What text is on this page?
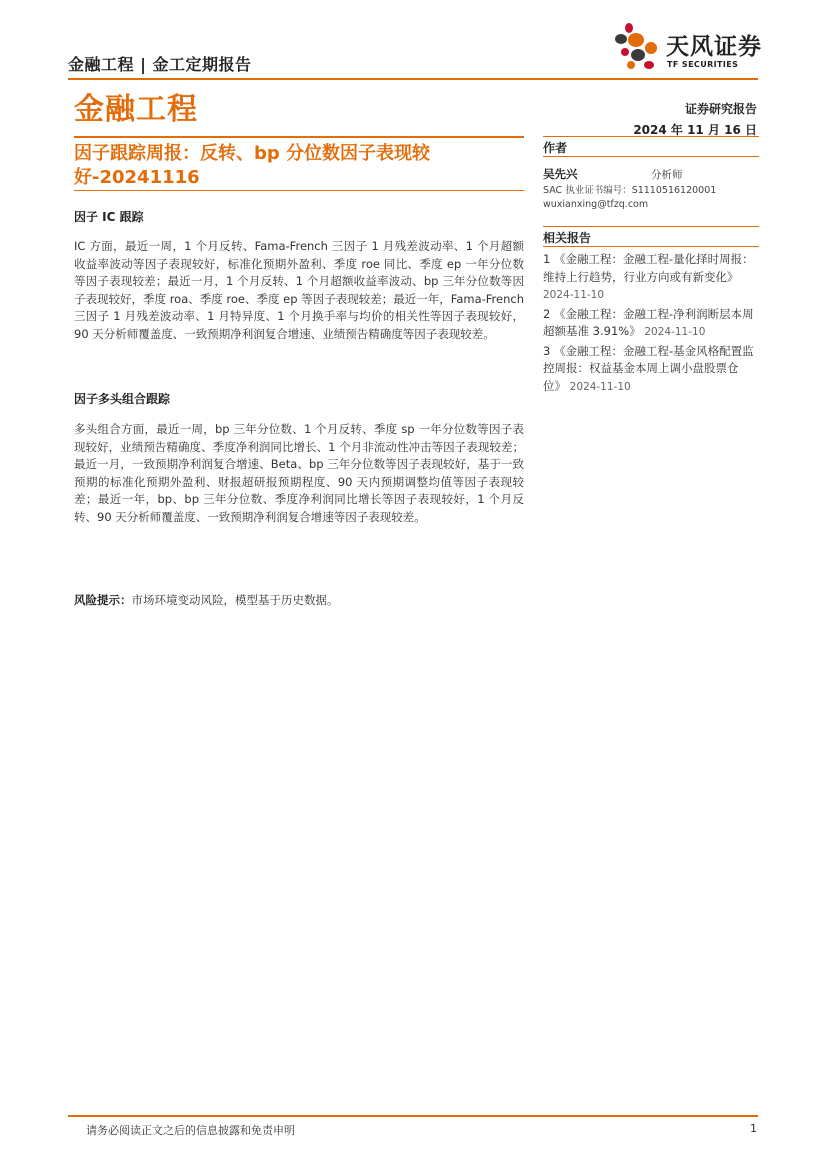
金融工程 | 金工定期报告
天风证券
TF SECURITIES
金融工程	证券研究报告
2024 年 11 月 16 日
因子跟踪周报：反转、bp 分位数因子表现较好-20241116
因子 IC 跟踪
IC 方面，最近一周，1 个月反转、Fama-French 三因子 1 月残差波动率、1 个月超额收益率波动等因子表现较好，标准化预期外盈利、季度 roe 同比、季度 ep 一年分位数等因子表现较差；最近一月，1 个月反转、1 个月超额收益率波动、bp 三年分位数等因子表现较好，季度 roa、季度 roe、季度 ep 等因子表现较差；最近一年，Fama-French 三因子 1 月残差波动率、1 月特异度、1 个月换手率与均价的相关性等因子表现较好，90 天分析师覆盖度、一致预期净利润复合增速、业绩预告精确度等因子表现较差。
因子多头组合跟踪
多头组合方面，最近一周，bp 三年分位数、1 个月反转、季度 sp 一年分位数等因子表现较好，业绩预告精确度、季度净利润同比增长、1 个月非流动性冲击等因子表现较差；最近一月，一致预期净利润复合增速、Beta、bp 三年分位数等因子表现较好，基于一致预期的标准化预期外盈利、财报超研报预期程度、90 天内预期调整均值等因子表现较差；最近一年，bp、bp 三年分位数、季度净利润同比增长等因子表现较好，1 个月反转、90 天分析师覆盖度、一致预期净利润复合增速等因子表现较差。
风险提示：市场环境变动风险，模型基于历史数据。
作者
吴先兴	分析师
SAC 执业证书编号：S1110516120001
wuxianxing@tfzq.com
相关报告
1 《金融工程：金融工程-量化择时周报：维持上行趋势，行业方向或有新变化》 2024-11-10
2 《金融工程：金融工程-净利润断层本周超额基准 3.91%》 2024-11-10
3 《金融工程：金融工程-基金风格配置监控周报：权益基金本周上调小盘股票仓位》 2024-11-10
请务必阅读正文之后的信息披露和免责申明	1
